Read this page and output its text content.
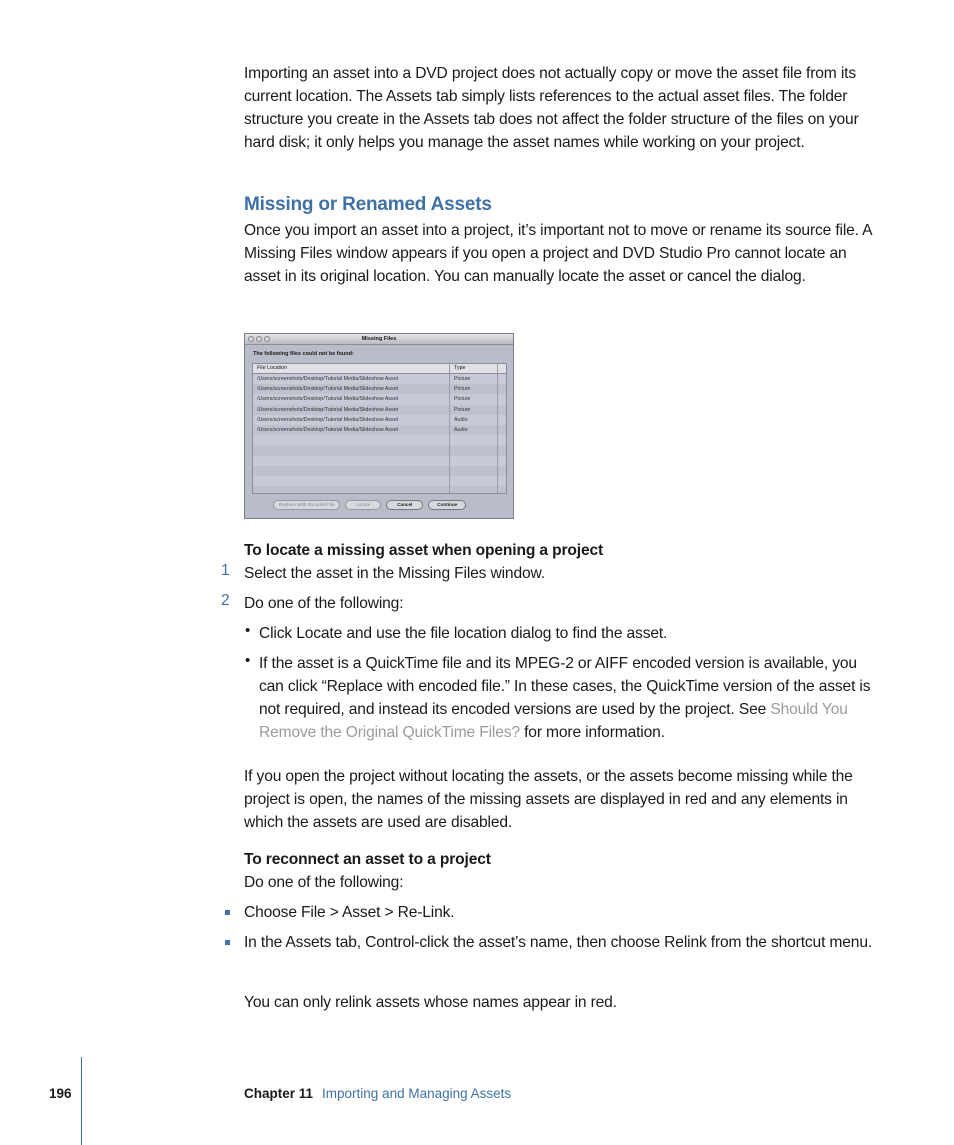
Importing an asset into a DVD project does not actually copy or move the asset file from its current location. The Assets tab simply lists references to the actual asset files. The folder structure you create in the Assets tab does not affect the folder structure of the files on your hard disk; it only helps you manage the asset names while working on your project.

Missing or Renamed Assets

Once you import an asset into a project, it’s important not to move or rename its source file. A Missing Files window appears if you open a project and DVD Studio Pro cannot locate an asset in its original location. You can manually locate the asset or cancel the dialog.

Missing Files
The following files could not be found:
File Location	Type
/Users/screenshots/Desktop/Tutorial Media/Slideshow Asset	Picture
/Users/screenshots/Desktop/Tutorial Media/Slideshow Asset	Picture
/Users/screenshots/Desktop/Tutorial Media/Slideshow Asset	Picture
/Users/screenshots/Desktop/Tutorial Media/Slideshow Asset	Picture
/Users/screenshots/Desktop/Tutorial Media/Slideshow Asset	Audio
/Users/screenshots/Desktop/Tutorial Media/Slideshow Asset	Audio
Replace With Encoded File	Locate	Cancel	Continue

To locate a missing asset when opening a project

1 Select the asset in the Missing Files window.

2 Do one of the following:

• Click Locate and use the file location dialog to find the asset.

• If the asset is a QuickTime file and its MPEG-2 or AIFF encoded version is available, you can click “Replace with encoded file.” In these cases, the QuickTime version of the asset is not required, and instead its encoded versions are used by the project. See Should You Remove the Original QuickTime Files? for more information.

If you open the project without locating the assets, or the assets become missing while the project is open, the names of the missing assets are displayed in red and any elements in which the assets are used are disabled.

To reconnect an asset to a project

Do one of the following:

Choose File > Asset > Re-Link.

In the Assets tab, Control-click the asset’s name, then choose Relink from the shortcut menu.

You can only relink assets whose names appear in red.

196	Chapter 11 Importing and Managing Assets
